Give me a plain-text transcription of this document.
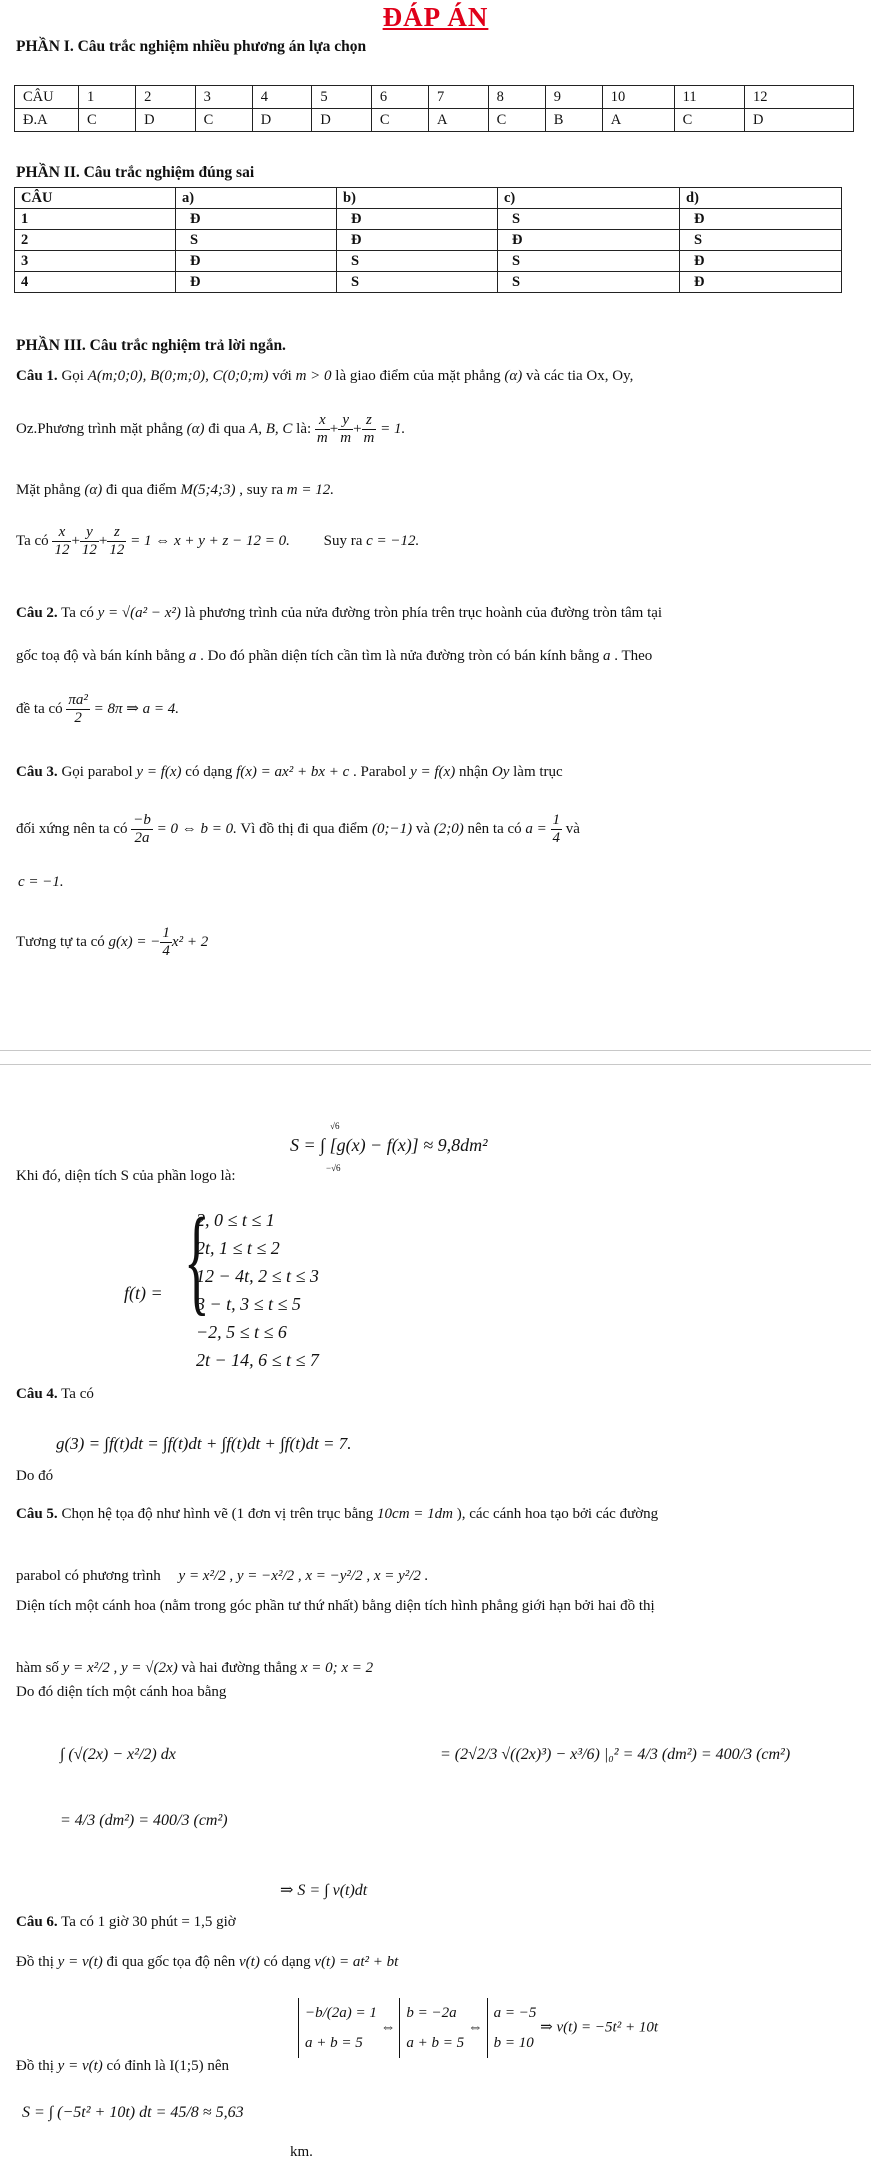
ĐÁP ÁN
PHẦN I. Câu trắc nghiệm nhiều phương án lựa chọn
CÂU	1	2	3	4	5	6	7	8	9	10	11	12
Đ.A	C	D	C	D	D	C	A	C	B	A	C	D
PHẦN II. Câu trắc nghiệm đúng sai
CÂU	a)	b)	c)	d)
1	Đ	Đ	S	Đ
2	S	Đ	Đ	S
3	Đ	S	S	Đ
4	Đ	S	S	Đ
PHẦN III. Câu trắc nghiệm trả lời ngắn.
Câu 1. Gọi A(m;0;0), B(0;m;0), C(0;0;m) với m > 0 là giao điểm của mặt phẳng (α) và các tia Ox, Oy,
Oz.Phương trình mặt phẳng (α) đi qua A, B, C là: $\frac{x}{m} + \frac{y}{m} + \frac{z}{m} = 1$.
Mặt phẳng (α) đi qua điểm M(5;4;3) , suy ra m = 12.
Ta có $\frac{x}{12} + \frac{y}{12} + \frac{z}{12} = 1$ ⇔ x + y + z − 12 = 0. Suy ra c = −12.
Câu 2. Ta có y = √(a² − x²) là phương trình của nửa đường tròn phía trên trục hoành của đường tròn tâm tại
gốc toạ độ và bán kính bằng a . Do đó phần diện tích cần tìm là nửa đường tròn có bán kính bằng a . Theo
đề ta có $\frac{\text{πa²}}{2} = 8\pi$ ⇒ a = 4.
Câu 3. Gọi parabol y = f(x) có dạng f(x) = ax² + bx + c . Parabol y = f(x) nhận Oy làm trục
đối xứng nên ta có $\frac{-b}{2a} = 0$ ⇔ b = 0. Vì đồ thị đi qua điểm (0;−1) và (2;0) nên ta có $a = \frac{1}{4}$ và
c = −1.
Tương tự ta có g(x) = − $\frac{1}{4} x^2 + 2$
√6
S = ∫ [g(x) − f(x)] ≈ 9,8dm²
−√6
Khi đó, diện tích S của phần logo là:
f(t) = {
2, 0 ≤ t ≤ 1
2t, 1 ≤ t ≤ 2
12 − 4t, 2 ≤ t ≤ 3
3 − t, 3 ≤ t ≤ 5
−2, 5 ≤ t ≤ 6
2t − 14, 6 ≤ t ≤ 7
Câu 4. Ta có
g(3) = ∫f(t)dt = ∫f(t)dt + ∫f(t)dt + ∫f(t)dt = 7.
Do đó
Câu 5. Chọn hệ tọa độ như hình vẽ (1 đơn vị trên trục bằng 10cm = 1dm ), các cánh hoa tạo bởi các đường
parabol có phương trình y = x²/2 , y = −x²/2 , x = −y²/2 , x = y²/2 .
Diện tích một cánh hoa (nằm trong góc phần tư thứ nhất) bằng diện tích hình phẳng giới hạn bởi hai đồ thị
hàm số y = x²/2 , y = √(2x) và hai đường thẳng x = 0; x = 2
Do đó diện tích một cánh hoa bằng
∫ (√(2x) − x²/2) dx	= (2√2/3 √((2x)³) − x³/6) |₀² = 4/3 (dm²) = 400/3 (cm²)
= 4/3 (dm²) = 400/3 (cm²)
⇒ S = ∫ v(t)dt
Câu 6. Ta có 1 giờ 30 phút = 1,5 giờ
Đồ thị y = v(t) đi qua gốc tọa độ nên v(t) có dạng v(t) = at² + bt
Đồ thị y = v(t) có đỉnh là I(1;5) nên
−b/(2a) = 1
a + b = 5
⇔
b = −2a
a + b = 5
⇔
a = −5
b = 10
⇒ v(t) = −5t² + 10t
S = ∫ (−5t² + 10t) dt = 45/8 ≈ 5,63
km.
